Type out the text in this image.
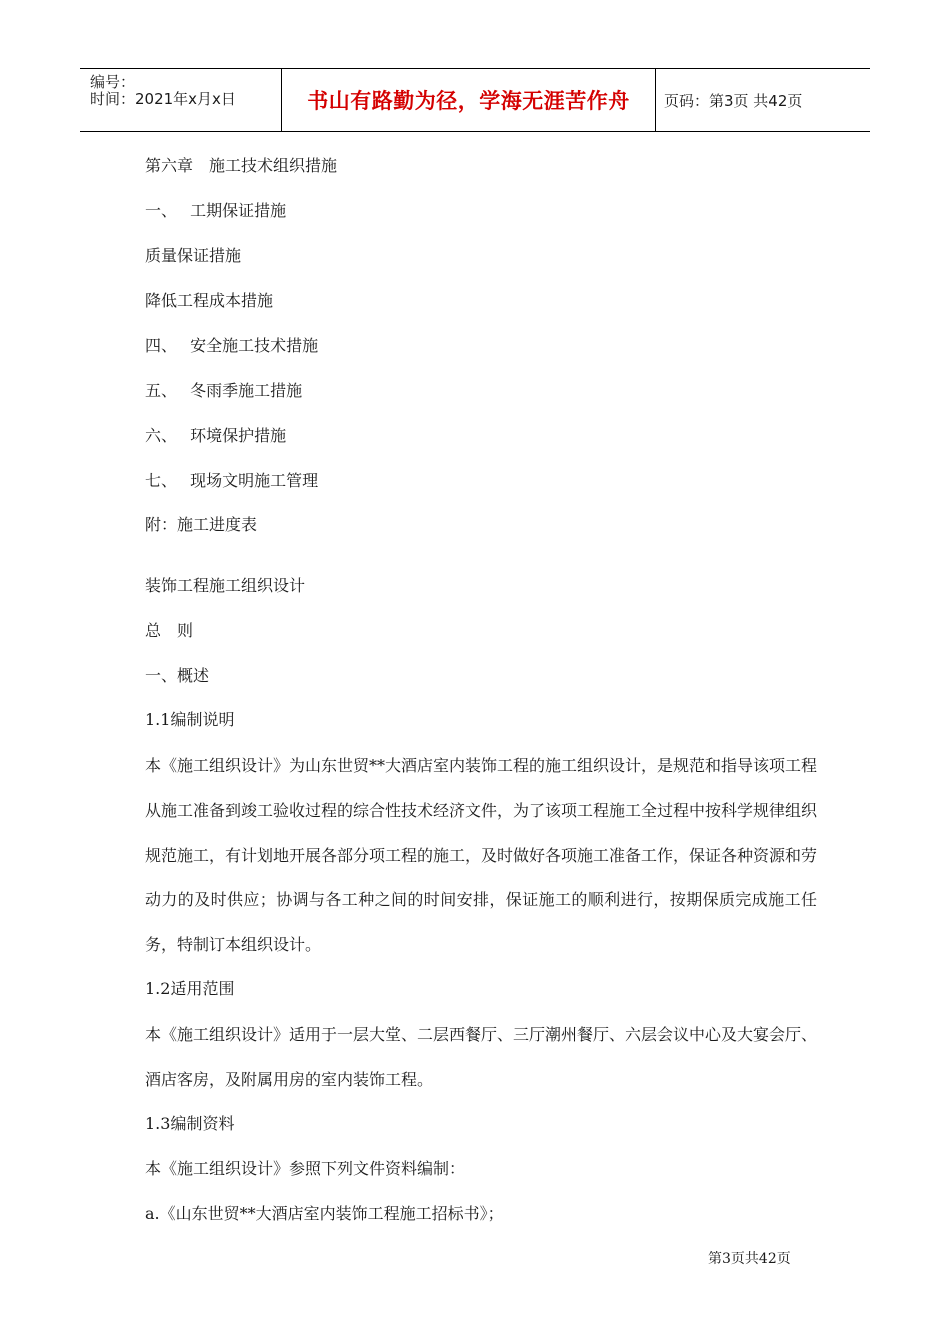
编号：
时间：2021年x月x日	书山有路勤为径，学海无涯苦作舟 页码：第3页 共42页
第六章　施工技术组织措施
一、　 工期保证措施
质量保证措施
降低工程成本措施
四、　 安全施工技术措施
五、　 冬雨季施工措施
六、　 环境保护措施
七、　 现场文明施工管理
附：施工进度表
装饰工程施工组织设计
总　则
一、概述
1.1编制说明
本《施工组织设计》为山东世贸**大酒店室内装饰工程的施工组织设计，是规范和指导该项工程从施工准备到竣工验收过程的综合性技术经济文件，为了该项工程施工全过程中按科学规律组织规范施工，有计划地开展各部分项工程的施工，及时做好各项施工准备工作，保证各种资源和劳动力的及时供应；协调与各工种之间的时间安排，保证施工的顺利进行，按期保质完成施工任务，特制订本组织设计。
1.2适用范围
本《施工组织设计》适用于一层大堂、二层西餐厅、三厅潮州餐厅、六层会议中心及大宴会厅、酒店客房，及附属用房的室内装饰工程。
1.3编制资料
本《施工组织设计》参照下列文件资料编制：
a.《山东世贸**大酒店室内装饰工程施工招标书》；
第3页共42页
